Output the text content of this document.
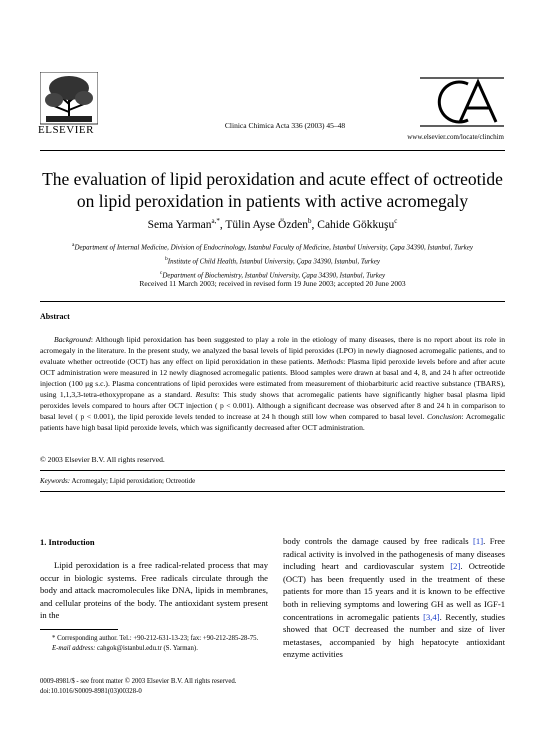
ELSEVIER	Clinica Chimica Acta 336 (2003) 45–48
www.elsevier.com/locate/clinchim
The evaluation of lipid peroxidation and acute effect of octreotide
on lipid peroxidation in patients with active acromegaly
Sema Yarman$^{a,*}$, Tülin Ayse Özden$^b$, Cahide Gökkuşu$^c$
$^a$Department of Internal Medicine, Division of Endocrinology, Istanbul Faculty of Medicine, Istanbul University, Çapa 34390, Istanbul, Turkey
$^b$Institute of Child Health, Istanbul University, Çapa 34390, Istanbul, Turkey
$^c$Department of Biochemistry, Istanbul University, Çapa 34390, Istanbul, Turkey
Received 11 March 2003; received in revised form 19 June 2003; accepted 20 June 2003
Abstract
Background: Although lipid peroxidation has been suggested to play a role in the etiology of many diseases, there is no report about its role in acromegaly in the literature. In the present study, we analyzed the basal levels of lipid peroxides (LPO) in newly diagnosed acromegalic patients, and to evaluate whether octreotide (OCT) has any effect on lipid peroxidation in these patients. Methods: Plasma lipid peroxide levels before and after acute OCT administration were measured in 12 newly diagnosed acromegalic patients. Blood samples were drawn at basal and 4, 8, and 24 h after octreotide injection (100 μg s.c.). Plasma concentrations of lipid peroxides were estimated from measurement of thiobarbituric acid reactive substance (TBARS), using 1,1,3,3-tetra-ethoxypropane as a standard. Results: This study shows that acromegalic patients have significantly higher basal plasma lipid peroxides levels compared to hours after OCT injection ( p < 0.001). Although a significant decrease was observed after 8 and 24 h in comparison to basal level ( p < 0.001), the lipid peroxide levels tended to increase at 24 h though still low when compared to basal level. Conclusion: Acromegalic patients have high basal lipid peroxide levels, which was significantly decreased after OCT administration.
© 2003 Elsevier B.V. All rights reserved.
Keywords: Acromegaly; Lipid peroxidation; Octreotide
1. Introduction
Lipid peroxidation is a free radical-related process that may occur in biologic systems. Free radicals circulate through the body and attack macromolecules like DNA, lipids in membranes, and cellular proteins of the body. The antioxidant system present in the
body controls the damage caused by free radicals [1]. Free radical activity is involved in the pathogenesis of many diseases including heart and cardiovascular system [2]. Octreotide (OCT) has been frequently used in the treatment of these patients for more than 15 years and it is known to be effective both in relieving symptoms and lowering GH as well as IGF-1 concentrations in acromegalic patients [3,4]. Recently, studies showed that OCT decreased the number and size of liver metastases, accompanied by high hepatocyte antioxidant enzyme activities
* Corresponding author. Tel.: +90-212-631-13-23; fax: +90-212-285-28-75.
E-mail address: cahgok@istanbul.edu.tr (S. Yarman).
0009-8981/$ - see front matter © 2003 Elsevier B.V. All rights reserved.
doi:10.1016/S0009-8981(03)00328-0
